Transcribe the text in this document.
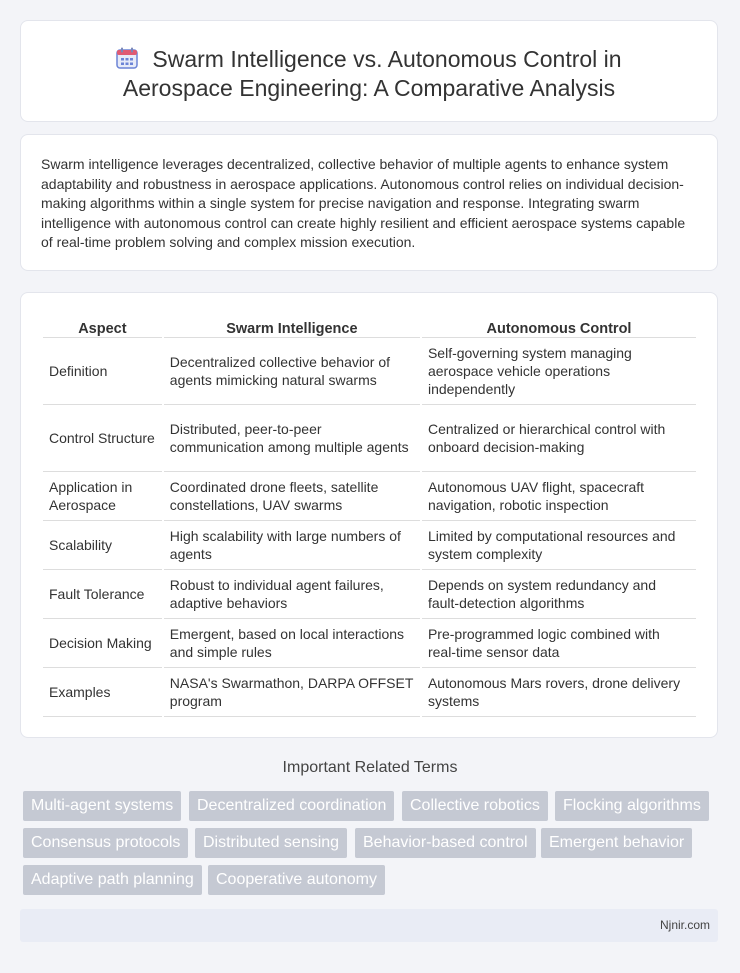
Swarm Intelligence vs. Autonomous Control in
Aerospace Engineering: A Comparative Analysis
Swarm intelligence leverages decentralized, collective behavior of multiple agents to enhance system adaptability and robustness in aerospace applications. Autonomous control relies on individual decision-making algorithms within a single system for precise navigation and response. Integrating swarm intelligence with autonomous control can create highly resilient and efficient aerospace systems capable of real-time problem solving and complex mission execution.
Aspect	Swarm Intelligence	Autonomous Control
Definition	Decentralized collective behavior of agents mimicking natural swarms	Self-governing system managing aerospace vehicle operations independently
Control Structure	Distributed, peer-to-peer communication among multiple agents	Centralized or hierarchical control with onboard decision-making
Application in Aerospace	Coordinated drone fleets, satellite constellations, UAV swarms	Autonomous UAV flight, spacecraft navigation, robotic inspection
Scalability	High scalability with large numbers of agents	Limited by computational resources and system complexity
Fault Tolerance	Robust to individual agent failures, adaptive behaviors	Depends on system redundancy and fault-detection algorithms
Decision Making	Emergent, based on local interactions and simple rules	Pre-programmed logic combined with real-time sensor data
Examples	NASA's Swarmathon, DARPA OFFSET program	Autonomous Mars rovers, drone delivery systems
Important Related Terms
Multi-agent systems	Decentralized coordination	Collective robotics	Flocking algorithms
Consensus protocols	Distributed sensing	Behavior-based control	Emergent behavior
Adaptive path planning	Cooperative autonomy
Njnir.com
